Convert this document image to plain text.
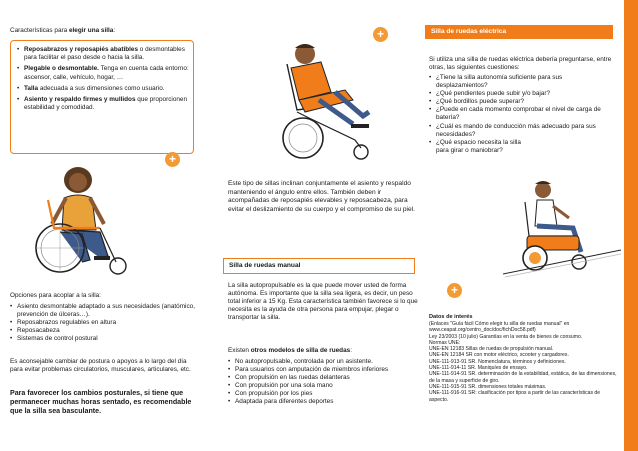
Características para elegir una silla:
• Reposabrazos y reposapiés abatibles o desmontables para facilitar el paso desde o hacia la silla.
• Plegable o desmontable. Tenga en cuenta cada entorno: ascensor, calle, vehículo, hogar, …
• Talla adecuada a sus dimensiones como usuario.
• Asiento y respaldo firmes y mullidos que proporcionen estabilidad y comodidad.
+
Opciones para acoplar a la silla:
• Asiento desmontable adaptado a sus necesidades (anatómico, prevención de úlceras…).
• Reposabrazos regulables en altura
• Reposacabeza
• Sistemas de control postural
Es aconsejable cambiar de postura o apoyos a lo largo del día para evitar problemas circulatorios, musculares, articulares, etc.
Para favorecer los cambios posturales, si tiene que permanecer muchas horas sentado, es recomendable que la silla sea basculante.
+
Este tipo de sillas inclinan conjuntamente el asiento y respaldo manteniendo el ángulo entre ellos. También deben ir acompañadas de reposapiés elevables y reposacabeza, para evitar el deslizamiento de su cuerpo y el compromiso de su piel.
Silla de ruedas manual
La silla autopropulsable es la que puede mover usted de forma autónoma. Es importante que la silla sea ligera, es decir, un peso total inferior a 15 Kg. Esta característica también favorece si lo que necesita es la ayuda de otra persona para empujar, plegar o transportar la silla.
Existen otros modelos de silla de ruedas:
• No autopropulsable, controlada por un asistente.
• Para usuarios con amputación de miembros inferiores
• Con propulsión en las ruedas delanteras
• Con propulsión por una sola mano
• Con propulsión por los pies
• Adaptada para diferentes deportes
Silla de ruedas eléctrica
Si utiliza una silla de ruedas eléctrica debería preguntarse, entre otras, las siguientes cuestiones:
• ¿Tiene la silla autonomía suficiente para sus desplazamientos?
• ¿Qué pendientes puede subir y/o bajar?
• ¿Qué bordillos puede superar?
• ¿Puede en cada momento comprobar el nivel de carga de batería?
• ¿Cuál es mando de conducción más adecuado para sus necesidades?
• ¿Qué espacio necesita la silla para girar o maniobrar?
+
Datos de interés
(Enlaces "Guía fácil Cómo elegir tu silla de ruedas manual" en www.ceapat.org/centro_doc/doc/fichDoc58.pdf)
Ley 23/2003 (10 julio) Garantías en la venta de bienes de consumo.
Normas UNE:
UNE-EN 12183 Sillas de ruedas de propulsión manual.
UNE-EN 12184 SR con motor eléctrico, scooter y cargadores.
UNE-111-913-91 SR. Nomenclatura, términos y definiciones.
UNE-111-914-11 SR. Maniquíes de ensayo.
UNE-111-914-91 SR. determinación de la estabilidad, estática, de las dimensiones, de la masa y superficie de giro.
UNE-111-915-91 SR. dimensiones totales máximas.
UNE-111-916-91 SR: clasificación por tipos a partir de las características de aspecto.
